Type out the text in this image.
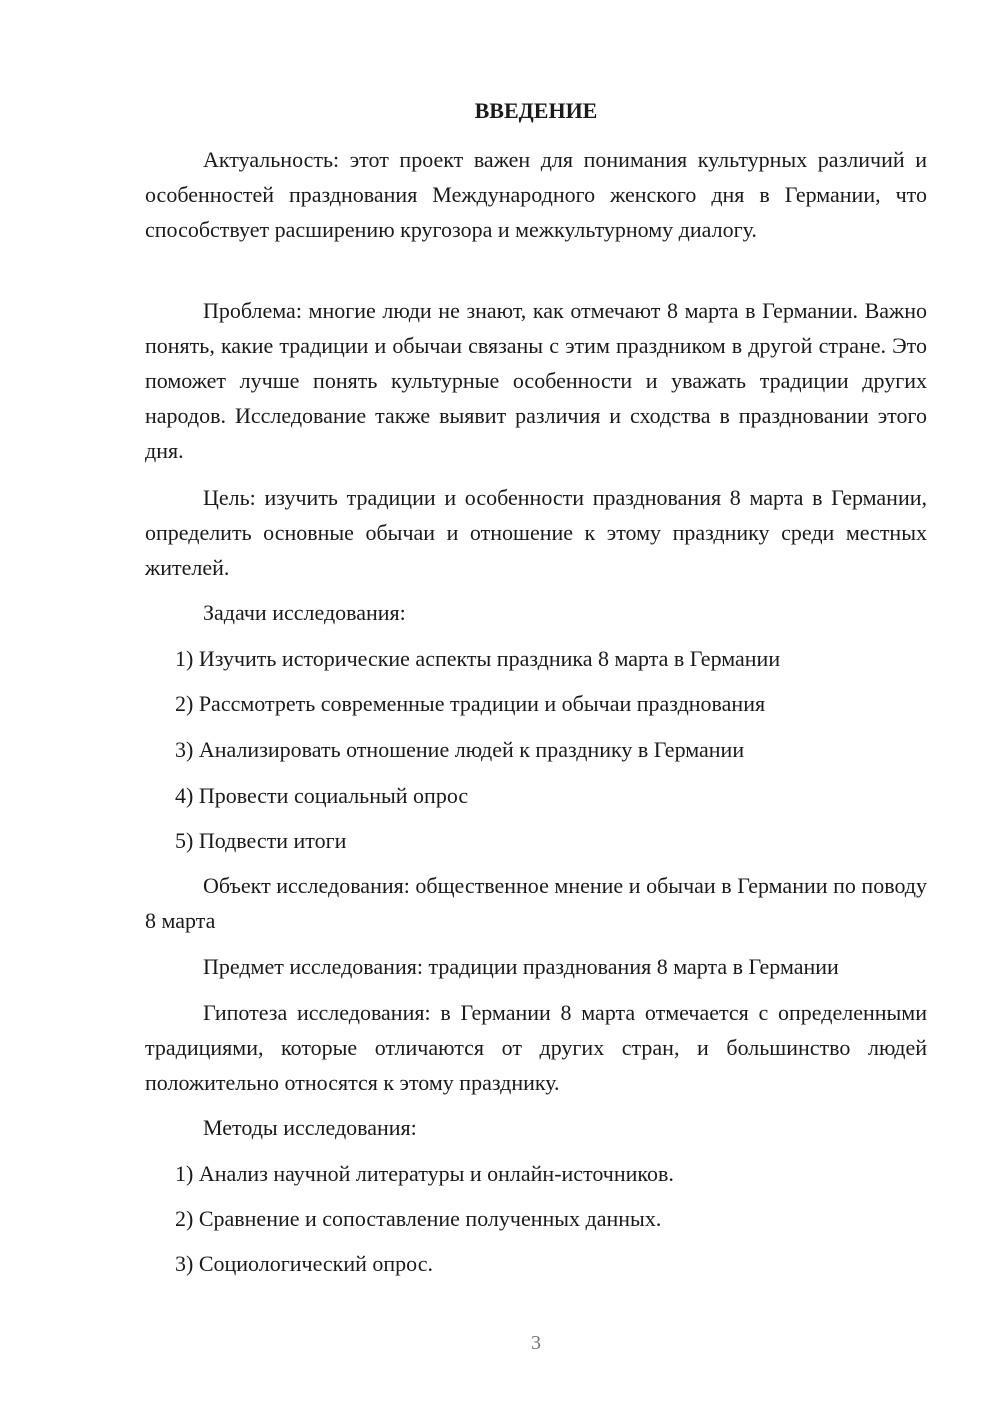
ВВЕДЕНИЕ

Актуальность: этот проект важен для понимания культурных различий и особенностей празднования Международного женского дня в Германии, что способствует расширению кругозора и межкультурному диалогу.

Проблема: многие люди не знают, как отмечают 8 марта в Германии. Важно понять, какие традиции и обычаи связаны с этим праздником в другой стране. Это поможет лучше понять культурные особенности и уважать традиции других народов. Исследование также выявит различия и сходства в праздновании этого дня.

Цель: изучить традиции и особенности празднования 8 марта в Германии, определить основные обычаи и отношение к этому празднику среди местных жителей.

Задачи исследования:

1) Изучить исторические аспекты праздника 8 марта в Германии

2) Рассмотреть современные традиции и обычаи празднования

3) Анализировать отношение людей к празднику в Германии

4) Провести социальный опрос

5) Подвести итоги

Объект исследования: общественное мнение и обычаи в Германии по поводу 8 марта

Предмет исследования: традиции празднования 8 марта в Германии

Гипотеза исследования: в Германии 8 марта отмечается с определенными традициями, которые отличаются от других стран, и большинство людей положительно относятся к этому празднику.

Методы исследования:

1) Анализ научной литературы и онлайн-источников.

2) Сравнение и сопоставление полученных данных.

3) Социологический опрос.

3
